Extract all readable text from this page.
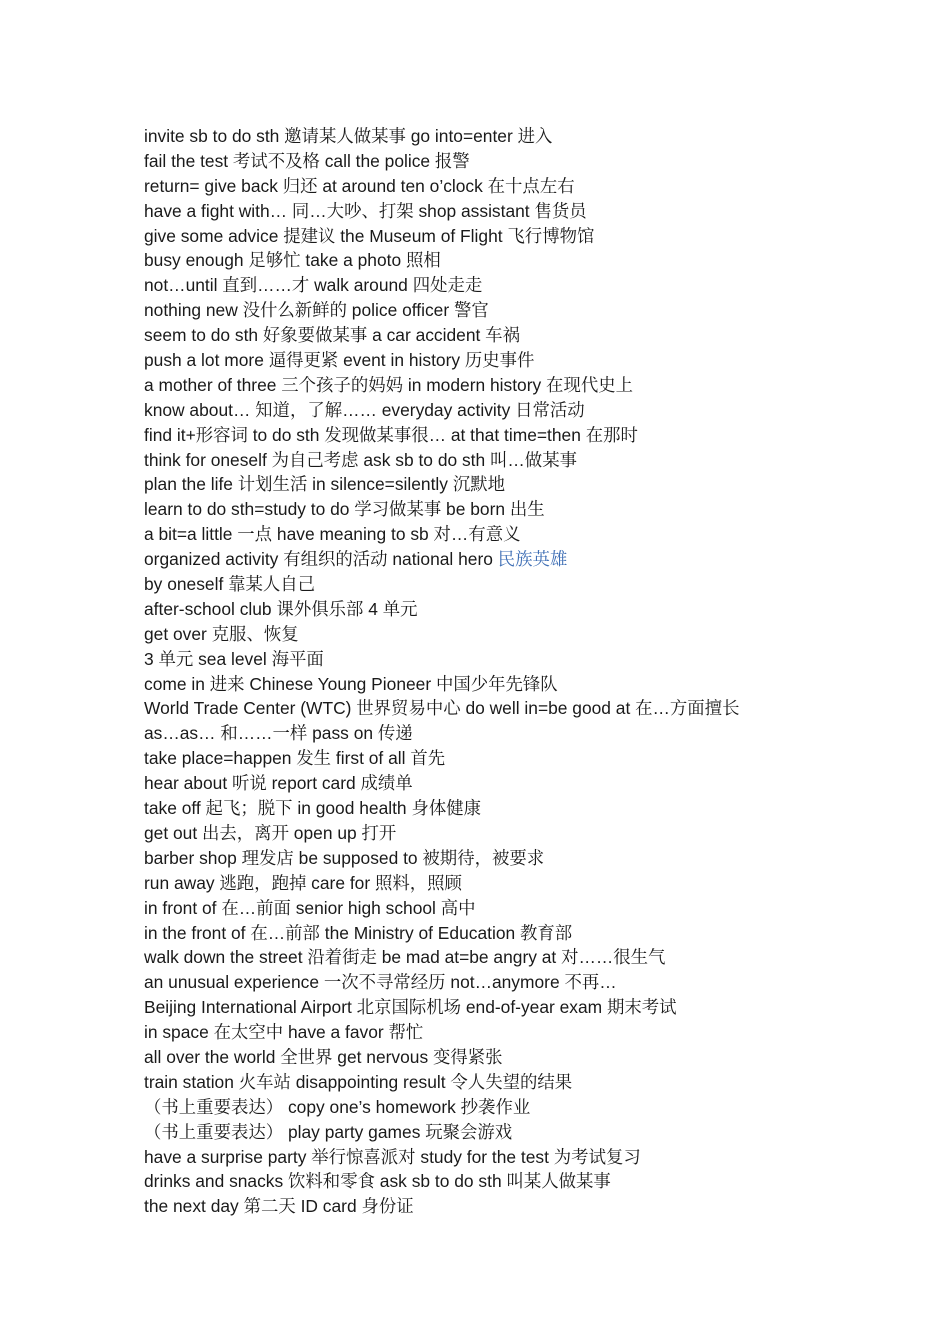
invite sb to do sth 邀请某人做某事 go into=enter 进入
fail the test 考试不及格 call the police 报警
return= give back 归还 at around ten o’clock 在十点左右
have a fight with… 同…大吵、打架 shop assistant 售货员
give some advice 提建议 the Museum of Flight 飞行博物馆
busy enough 足够忙 take a photo 照相
not…until 直到……才 walk around 四处走走
nothing new 没什么新鲜的 police officer 警官
seem to do sth 好象要做某事 a car accident 车祸
push a lot more 逼得更紧 event in history 历史事件
a mother of three 三个孩子的妈妈 in modern history 在现代史上
know about… 知道，了解…… everyday activity 日常活动
find it+形容词 to do sth 发现做某事很… at that time=then 在那时
think for oneself 为自己考虑 ask sb to do sth 叫…做某事
plan the life 计划生活 in silence=silently 沉默地
learn to do sth=study to do 学习做某事 be born 出生
a bit=a little 一点 have meaning to sb 对…有意义
organized activity 有组织的活动 national hero 民族英雄
by oneself 靠某人自己
after-school club 课外俱乐部 4 单元
get over 克服、恢复
3 单元 sea level 海平面
come in 进来 Chinese Young Pioneer 中国少年先锋队
World Trade Center (WTC) 世界贸易中心 do well in=be good at 在…方面擅长
as…as… 和……一样 pass on 传递
take place=happen 发生 first of all 首先
hear about 听说 report card 成绩单
take off 起飞；脱下 in good health 身体健康
get out 出去，离开 open up 打开
barber shop 理发店 be supposed to 被期待，被要求
run away 逃跑，跑掉 care for 照料，照顾
in front of 在…前面 senior high school 高中
in the front of 在…前部 the Ministry of Education 教育部
walk down the street 沿着街走 be mad at=be angry at 对……很生气
an unusual experience 一次不寻常经历 not…anymore 不再…
Beijing International Airport 北京国际机场 end-of-year exam 期末考试
in space 在太空中 have a favor 帮忙
all over the world 全世界 get nervous 变得紧张
train station 火车站 disappointing result 令人失望的结果
（书上重要表达） copy one’s homework 抄袭作业
（书上重要表达） play party games 玩聚会游戏
have a surprise party 举行惊喜派对 study for the test 为考试复习
drinks and snacks 饮料和零食 ask sb to do sth 叫某人做某事
the next day 第二天 ID card 身份证
